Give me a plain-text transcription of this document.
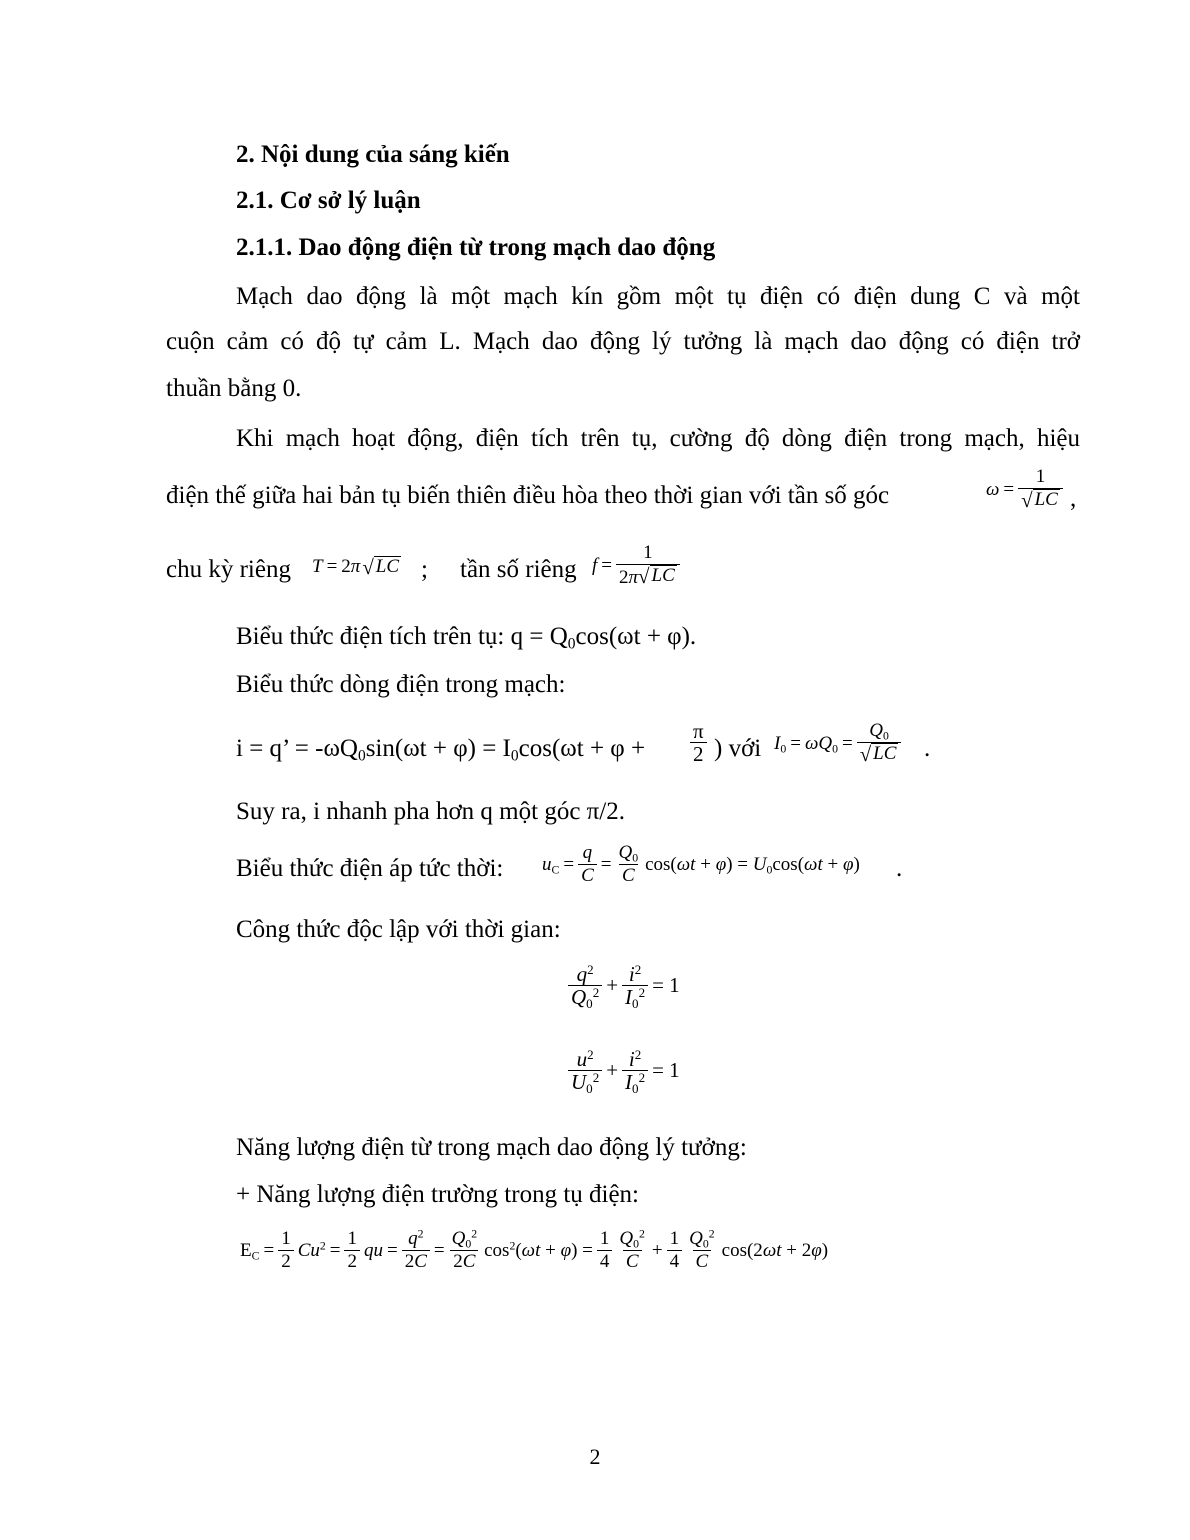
2. Nội dung của sáng kiến
2.1. Cơ sở lý luận
2.1.1. Dao động điện từ trong mạch dao động
Mạch dao động là một mạch kín gồm một tụ điện có điện dung C và một
cuộn cảm có độ tự cảm L. Mạch dao động lý tưởng là mạch dao động có điện trở
thuần bằng 0.
Khi mạch hoạt động, điện tích trên tụ, cường độ dòng điện trong mạch, hiệu
điện thế giữa hai bản tụ biến thiên điều hòa theo thời gian với tần số góc	$\omega = \frac{1}{√ LC}$ ,
chu kỳ riêng T = 2π √ LC ; tần số riêng $f = \frac{1}{2\pi √ LC}$
Biểu thức điện tích trên tụ: $q = Q_0\cos(\omega t + \varphi)$.
Biểu thức dòng điện trong mạch:
i = q’ = $-\omega Q_0\sin(\omega t + \varphi) = I_0\cos(\omega t + \varphi + \frac{\pi}{2}$ ) với $I_0 = \omega Q_0 = \frac{Q_0}{√ LC}$ .
Suy ra, i nhanh pha hơn q một góc π/2.
Biểu thức điện áp tức thời: $u_C = \frac{q}{C} = \frac{Q_0}{C} \cos(\omega t + \varphi) = U_0\cos(\omega t + \varphi)$ .
Công thức độc lập với thời gian:
$\frac{q^2}{Q_0^2} + \frac{i^2}{I_0^2} = 1$
$\frac{u^2}{U_0^2} + \frac{i^2}{I_0^2} = 1$
Năng lượng điện từ trong mạch dao động lý tưởng:
+ Năng lượng điện trường trong tụ điện:
$E_C = \frac{1}{2} Cu^2 = \frac{1}{2}$ qu = $\frac{q^2}{2C} = \frac{Q_0^2}{2C} \cos^2(\omega t + \varphi) = \frac{1}{4} \frac{Q_0^2}{C} + \frac{1}{4} \frac{Q_0^2}{C} \cos(2\omega t + 2\varphi)$
2
